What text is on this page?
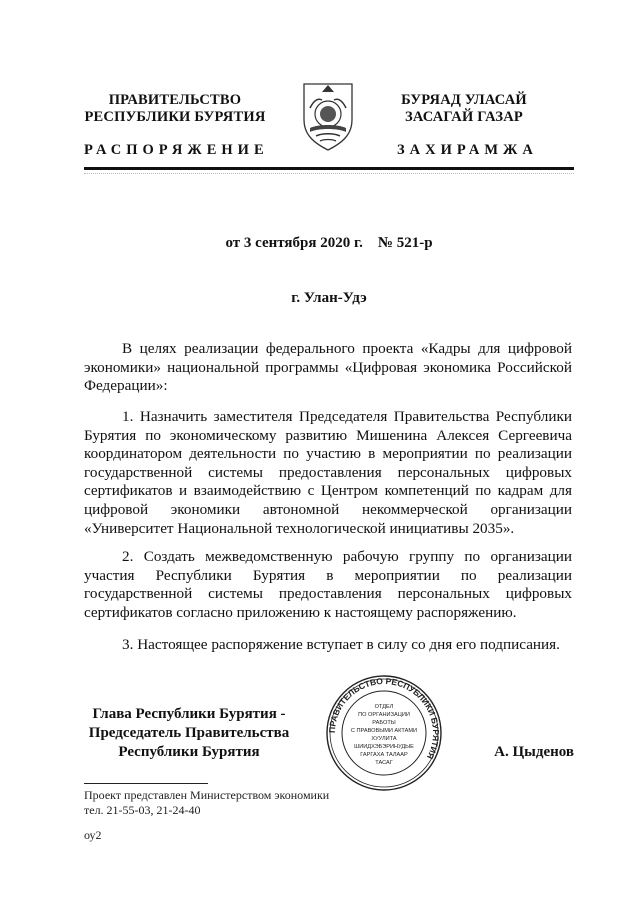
ПРАВИТЕЛЬСТВО
РЕСПУБЛИКИ БУРЯТИЯ
РАСПОРЯЖЕНИЕ
БУРЯАД УЛАСАЙ
ЗАСАГАЙ ГАЗАР
ЗАХИРАМЖА
от 3 сентября 2020 г.    № 521-р
г. Улан-Удэ

В целях реализации федерального проекта «Кадры для цифровой экономики» национальной программы «Цифровая экономика Российской Федерации»:

1. Назначить заместителя Председателя Правительства Республики Бурятия по экономическому развитию Мишенина Алексея Сергеевича координатором деятельности по участию в мероприятии по реализации государственной системы предоставления персональных цифровых сертификатов и взаимодействию с Центром компетенций по кадрам для цифровой экономики автономной некоммерческой организации «Университет Национальной технологической инициативы 2035».

2. Создать межведомственную рабочую группу по организации участия Республики Бурятия в мероприятии по реализации государственной системы предоставления персональных цифровых сертификатов согласно приложению к настоящему распоряжению.

3. Настоящее распоряжение вступает в силу со дня его подписания.

Глава Республики Бурятия -
Председатель Правительства
Республики Бурятия	А. Цыденов
ПРАВИТЕЛЬСТВО РЕСПУБЛИКИ БУРЯТИЯ
ОТДЕЛ
ПО ОРГАНИЗАЦИИ
РАБОТЫ
С ПРАВОВЫМИ АКТАМИ
ХУУЛИТА
ШИИДХЭБЭРИНУДЫЕ
ГАРГАХА ТАЛААР
ТАСАГ
Проект представлен Министерством экономики
тел. 21-55-03, 21-24-40
оу2
